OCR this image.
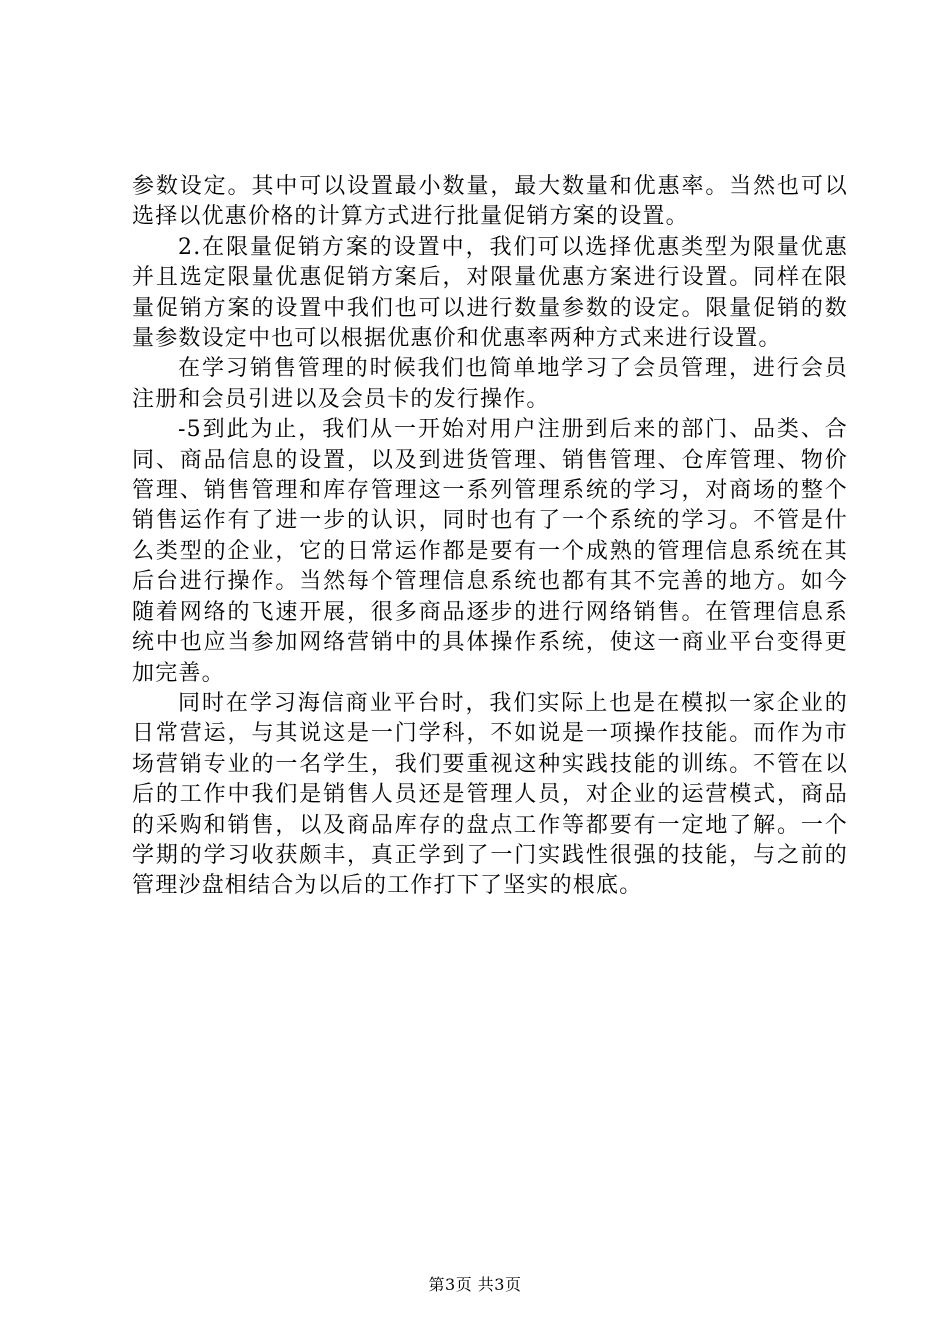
参数设定。其中可以设置最小数量，最大数量和优惠率。当然也可以选择以优惠价格的计算方式进行批量促销方案的设置。

2.在限量促销方案的设置中，我们可以选择优惠类型为限量优惠并且选定限量优惠促销方案后，对限量优惠方案进行设置。同样在限量促销方案的设置中我们也可以进行数量参数的设定。限量促销的数量参数设定中也可以根据优惠价和优惠率两种方式来进行设置。

在学习销售管理的时候我们也简单地学习了会员管理，进行会员注册和会员引进以及会员卡的发行操作。

-5到此为止，我们从一开始对用户注册到后来的部门、品类、合同、商品信息的设置，以及到进货管理、销售管理、仓库管理、物价管理、销售管理和库存管理这一系列管理系统的学习，对商场的整个销售运作有了进一步的认识，同时也有了一个系统的学习。不管是什么类型的企业，它的日常运作都是要有一个成熟的管理信息系统在其后台进行操作。当然每个管理信息系统也都有其不完善的地方。如今随着网络的飞速开展，很多商品逐步的进行网络销售。在管理信息系统中也应当参加网络营销中的具体操作系统，使这一商业平台变得更加完善。

同时在学习海信商业平台时，我们实际上也是在模拟一家企业的日常营运，与其说这是一门学科，不如说是一项操作技能。而作为市场营销专业的一名学生，我们要重视这种实践技能的训练。不管在以后的工作中我们是销售人员还是管理人员，对企业的运营模式，商品的采购和销售，以及商品库存的盘点工作等都要有一定地了解。一个学期的学习收获颇丰，真正学到了一门实践性很强的技能，与之前的管理沙盘相结合为以后的工作打下了坚实的根底。

第3页 共3页
